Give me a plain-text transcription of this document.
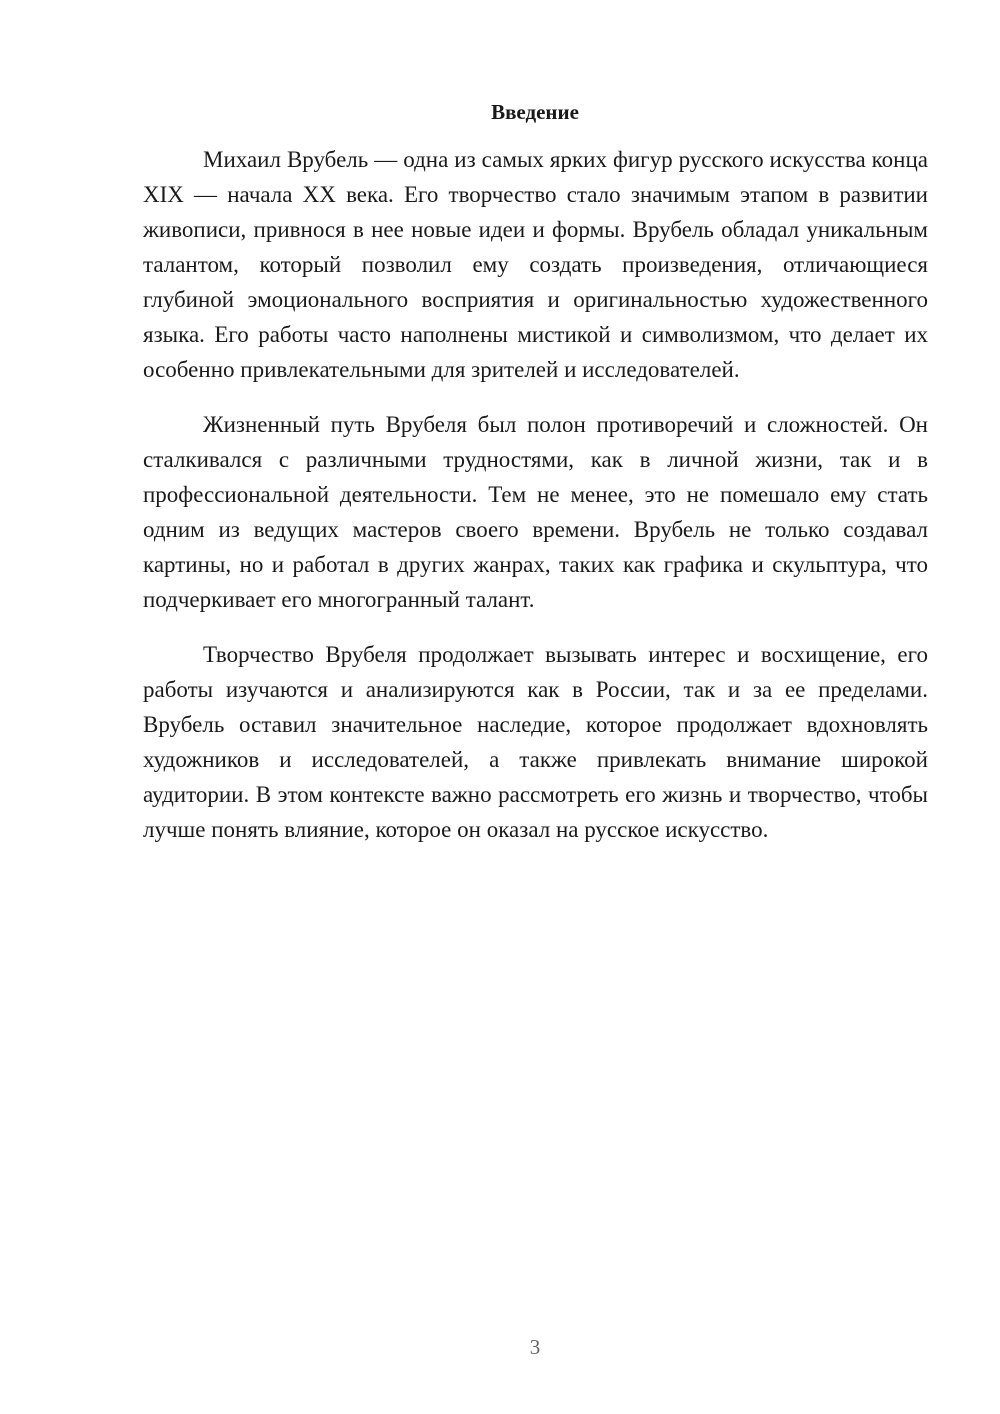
Введение

Михаил Врубель — одна из самых ярких фигур русского искусства конца XIX — начала XX века. Его творчество стало значимым этапом в развитии живописи, привнося в нее новые идеи и формы. Врубель обладал уникальным талантом, который позволил ему создать произведения, отличающиеся глубиной эмоционального восприятия и оригинальностью художественного языка. Его работы часто наполнены мистикой и символизмом, что делает их особенно привлекательными для зрителей и исследователей.

Жизненный путь Врубеля был полон противоречий и сложностей. Он сталкивался с различными трудностями, как в личной жизни, так и в профессиональной деятельности. Тем не менее, это не помешало ему стать одним из ведущих мастеров своего времени. Врубель не только создавал картины, но и работал в других жанрах, таких как графика и скульптура, что подчеркивает его многогранный талант.

Творчество Врубеля продолжает вызывать интерес и восхищение, его работы изучаются и анализируются как в России, так и за ее пределами. Врубель оставил значительное наследие, которое продолжает вдохновлять художников и исследователей, а также привлекать внимание широкой аудитории. В этом контексте важно рассмотреть его жизнь и творчество, чтобы лучше понять влияние, которое он оказал на русское искусство.

3
